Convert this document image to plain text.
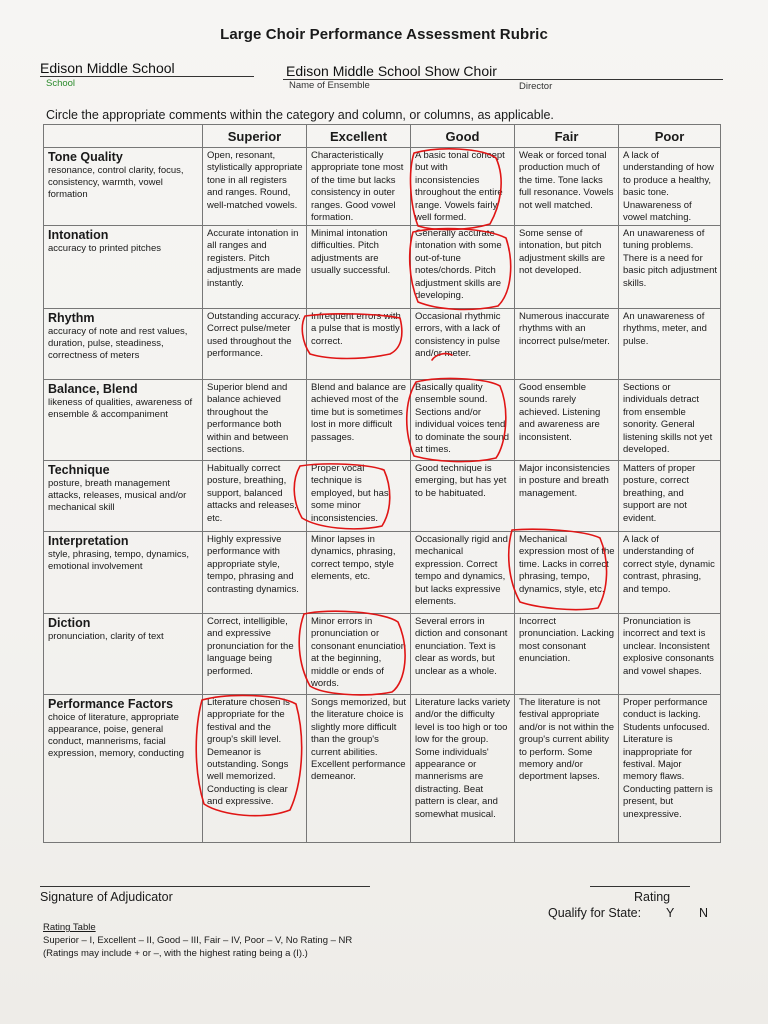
Large Choir Performance Assessment Rubric
Edison Middle School
School
Edison Middle School Show Choir
Name of Ensemble	Director
Circle the appropriate comments within the category and column, or columns, as applicable.
	Superior	Excellent	Good	Fair	Poor

Tone Quality
resonance, control clarity, focus, consistency, warmth, vowel formation	Open, resonant, stylistically appropriate tone in all registers and ranges. Round, well-matched vowels.	Characteristically appropriate tone most of the time but lacks consistency in outer ranges. Good vowel formation.	A basic tonal concept but with inconsistencies throughout the entire range. Vowels fairly well formed.	Weak or forced tonal production much of the time. Tone lacks full resonance. Vowels not well matched.	A lack of understanding of how to produce a healthy, basic tone. Unawareness of vowel matching.

Intonation
accuracy to printed pitches	Accurate intonation in all ranges and registers. Pitch adjustments are made instantly.	Minimal intonation difficulties. Pitch adjustments are usually successful.	Generally accurate intonation with some out-of-tune notes/chords. Pitch adjustment skills are developing.	Some sense of intonation, but pitch adjustment skills are not developed.	An unawareness of tuning problems. There is a need for basic pitch adjustment skills.

Rhythm
accuracy of note and rest values, duration, pulse, steadiness, correctness of meters	Outstanding accuracy. Correct pulse/meter used throughout the performance.	Infrequent errors with a pulse that is mostly correct.	Occasional rhythmic errors, with a lack of consistency in pulse and/or meter.	Numerous inaccurate rhythms with an incorrect pulse/meter.	An unawareness of rhythms, meter, and pulse.

Balance, Blend
likeness of qualities, awareness of ensemble & accompaniment	Superior blend and balance achieved throughout the performance both within and between sections.	Blend and balance are achieved most of the time but is sometimes lost in more difficult passages.	Basically quality ensemble sound. Sections and/or individual voices tend to dominate the sound at times.	Good ensemble sounds rarely achieved. Listening and awareness are inconsistent.	Sections or individuals detract from ensemble sonority. General listening skills not yet developed.

Technique
posture, breath management attacks, releases, musical and/or mechanical skill	Habitually correct posture, breathing, support, balanced attacks and releases, etc.	Proper vocal technique is employed, but has some minor inconsistencies.	Good technique is emerging, but has yet to be habituated.	Major inconsistencies in posture and breath management.	Matters of proper posture, correct breathing, and support are not evident.

Interpretation
style, phrasing, tempo, dynamics, emotional involvement	Highly expressive performance with appropriate style, tempo, phrasing and contrasting dynamics.	Minor lapses in dynamics, phrasing, correct tempo, style elements, etc.	Occasionally rigid and mechanical expression. Correct tempo and dynamics, but lacks expressive elements.	Mechanical expression most of the time. Lacks in correct phrasing, tempo, dynamics, style, etc.	A lack of understanding of correct style, dynamic contrast, phrasing, and tempo.

Diction
pronunciation, clarity of text	Correct, intelligible, and expressive pronunciation for the language being performed.	Minor errors in pronunciation or consonant enunciation at the beginning, middle or ends of words.	Several errors in diction and consonant enunciation. Text is clear as words, but unclear as a whole.	Incorrect pronunciation. Lacking most consonant enunciation.	Pronunciation is incorrect and text is unclear. Inconsistent explosive consonants and vowel shapes.

Performance Factors
choice of literature, appropriate appearance, poise, general conduct, mannerisms, facial expression, memory, conducting	Literature chosen is appropriate for the festival and the group's skill level. Demeanor is outstanding. Songs well memorized. Conducting is clear and expressive.	Songs memorized, but the literature choice is slightly more difficult than the group's current abilities. Excellent performance demeanor.	Literature lacks variety and/or the difficulty level is too high or too low for the group. Some individuals' appearance or mannerisms are distracting. Beat pattern is clear, and somewhat musical.	The literature is not festival appropriate and/or is not within the group's current ability to perform. Some memory and/or deportment lapses.	Proper performance conduct is lacking. Students unfocused. Literature is inappropriate for festival. Major memory flaws. Conducting pattern is present, but unexpressive.
Signature of Adjudicator	Rating
Qualify for State: Y N
Rating Table
Superior – I, Excellent – II, Good – III, Fair – IV, Poor – V, No Rating – NR
(Ratings may include + or –, with the highest rating being a (I).)
